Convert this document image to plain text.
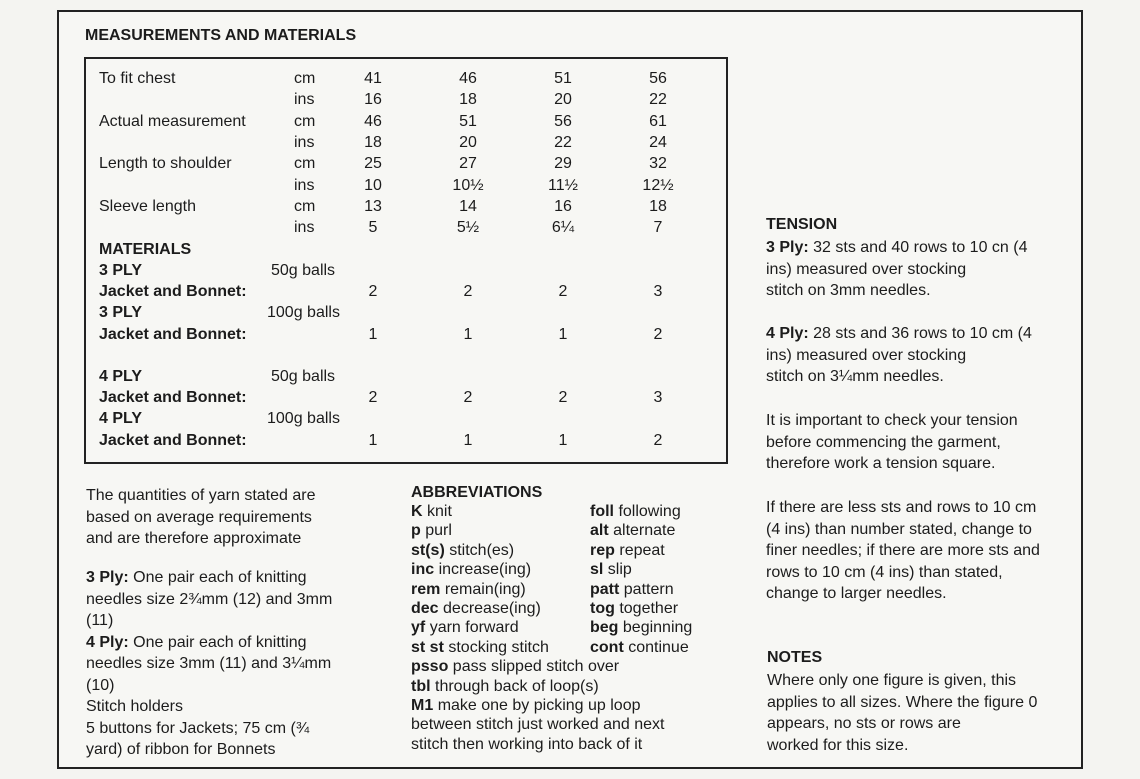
MEASUREMENTS AND MATERIALS
To fit chest	cm	41	46	51	56
ins	16	18	20	22
Actual measurement	cm	46	51	56	61
ins	18	20	22	24
Length to shoulder	cm	25	27	29	32
ins	10	10½	11½	12½
Sleeve length	cm	13	14	16	18
ins	5	5½	6¼	7
MATERIALS
3 PLY	50g balls
Jacket and Bonnet:	2	2	2	3
3 PLY	100g balls
Jacket and Bonnet:	1	1	1	2
4 PLY	50g balls
Jacket and Bonnet:	2	2	2	3
4 PLY	100g balls
Jacket and Bonnet:	1	1	1	2

The quantities of yarn stated are

based on average requirements

and are therefore approximate

3 Ply: One pair each of knitting

needles size 2¾mm (12) and 3mm

(11)

4 Ply: One pair each of knitting

needles size 3mm (11) and 3¼mm

(10)

Stitch holders

5 buttons for Jackets; 75 cm (¾

yard) of ribbon for Bonnets

ABBREVIATIONS
K knit
p purl
st(s) stitch(es)
inc increase(ing)
rem remain(ing)
dec decrease(ing)
yf yarn forward
st st stocking stitch
psso pass slipped stitch over
tbl through back of loop(s)
M1 make one by picking up loop
between stitch just worked and next
stitch then working into back of it
foll following
alt alternate
rep repeat
sl slip
patt pattern
tog together
beg beginning
cont continue
TENSION

3 Ply: 32 sts and 40 rows to 10 cn (4

ins) measured over stocking

stitch on 3mm needles.

4 Ply: 28 sts and 36 rows to 10 cm (4

ins) measured over stocking

stitch on 3¼mm needles.

It is important to check your tension

before commencing the garment,

therefore work a tension square.

If there are less sts and rows to 10 cm

(4 ins) than number stated, change to

finer needles; if there are more sts and

rows to 10 cm (4 ins) than stated,

change to larger needles.

NOTES

Where only one figure is given, this

applies to all sizes. Where the figure 0

appears, no sts or rows are

worked for this size.
